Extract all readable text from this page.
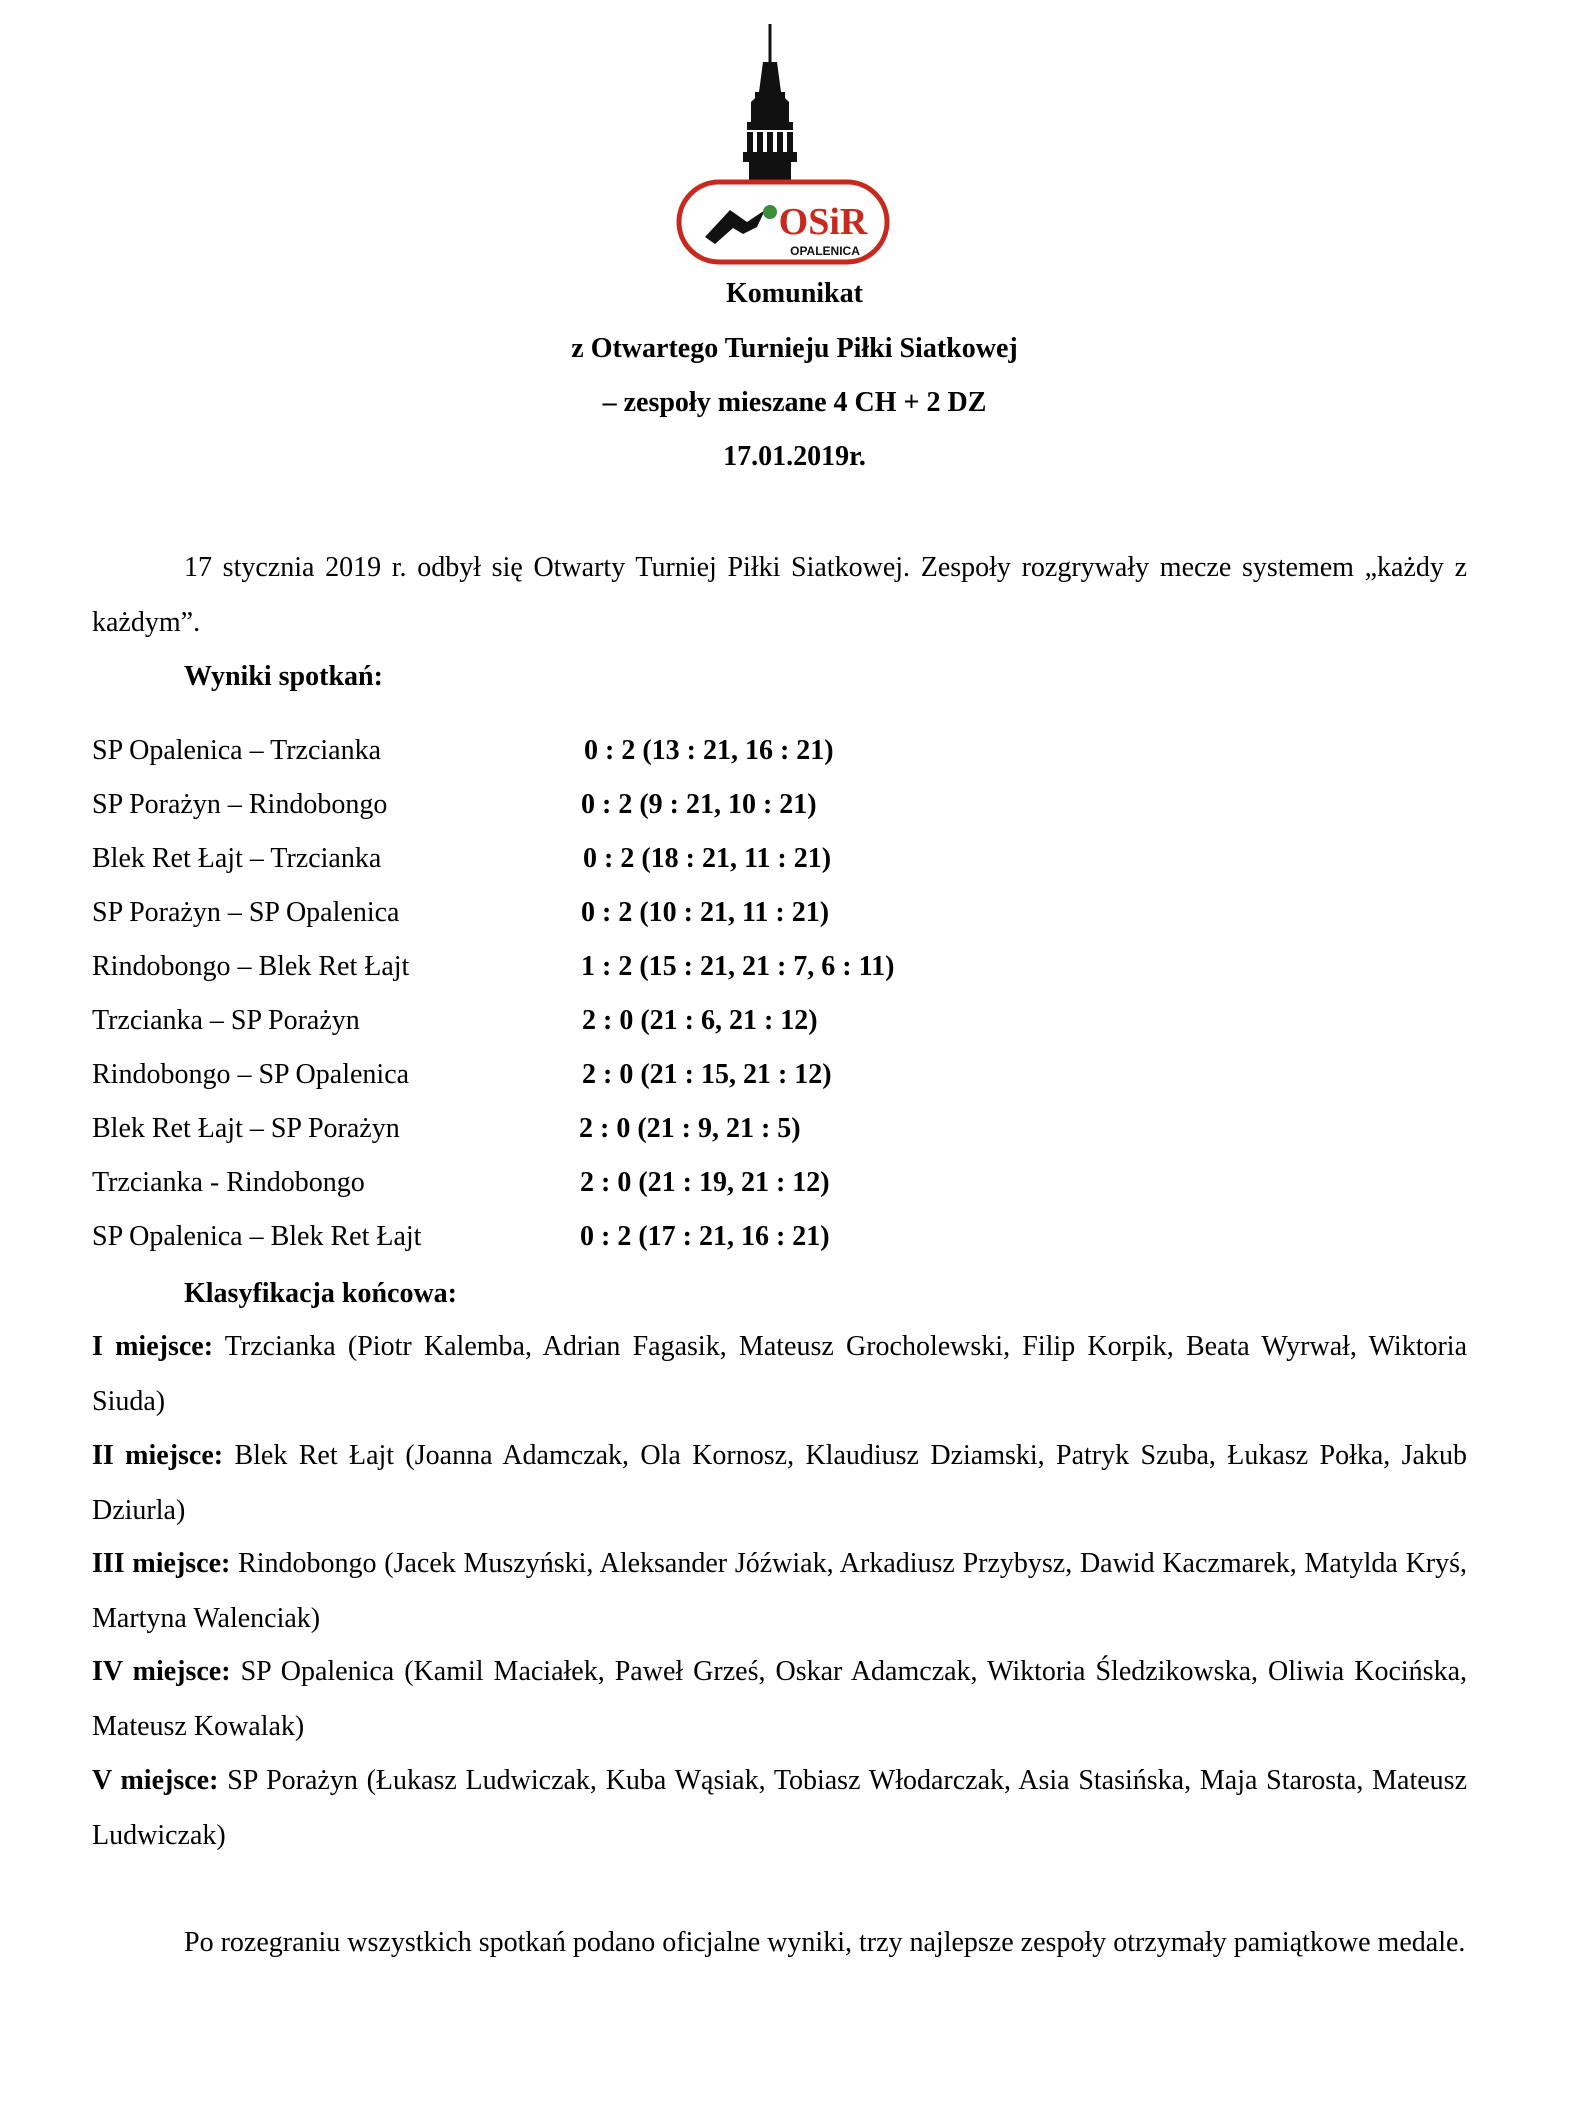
OSiR
OPALENICA
Komunikat
z Otwartego Turnieju Piłki Siatkowej
– zespoły mieszane 4 CH + 2 DZ
17.01.2019r.
17 stycznia 2019 r. odbył się Otwarty Turniej Piłki Siatkowej. Zespoły rozgrywały mecze systemem „każdy z każdym”.
Wyniki spotkań:
SP Opalenica – Trzcianka	0 : 2 (13 : 21, 16 : 21)
SP Porażyn – Rindobongo	0 : 2 (9 : 21, 10 : 21)
Blek Ret Łajt – Trzcianka	0 : 2 (18 : 21, 11 : 21)
SP Porażyn – SP Opalenica	0 : 2 (10 : 21, 11 : 21)
Rindobongo – Blek Ret Łajt	1 : 2 (15 : 21, 21 : 7, 6 : 11)
Trzcianka – SP Porażyn	2 : 0 (21 : 6, 21 : 12)
Rindobongo – SP Opalenica	2 : 0 (21 : 15, 21 : 12)
Blek Ret Łajt – SP Porażyn	2 : 0 (21 : 9, 21 : 5)
Trzcianka - Rindobongo	2 : 0 (21 : 19, 21 : 12)
SP Opalenica – Blek Ret Łajt	0 : 2 (17 : 21, 16 : 21)
Klasyfikacja końcowa:
I miejsce: Trzcianka (Piotr Kalemba, Adrian Fagasik, Mateusz Grocholewski, Filip Korpik, Beata Wyrwał, Wiktoria Siuda)
II miejsce: Blek Ret Łajt (Joanna Adamczak, Ola Kornosz, Klaudiusz Dziamski, Patryk Szuba, Łukasz Połka, Jakub Dziurla)
III miejsce: Rindobongo (Jacek Muszyński, Aleksander Jóźwiak, Arkadiusz Przybysz, Dawid Kaczmarek, Matylda Kryś, Martyna Walenciak)
IV miejsce: SP Opalenica (Kamil Maciałek, Paweł Grześ, Oskar Adamczak, Wiktoria Śledzikowska, Oliwia Kocińska, Mateusz Kowalak)
V miejsce: SP Porażyn (Łukasz Ludwiczak, Kuba Wąsiak, Tobiasz Włodarczak, Asia Stasińska, Maja Starosta, Mateusz Ludwiczak)
Po rozegraniu wszystkich spotkań podano oficjalne wyniki, trzy najlepsze zespoły otrzymały pamiątkowe medale.
